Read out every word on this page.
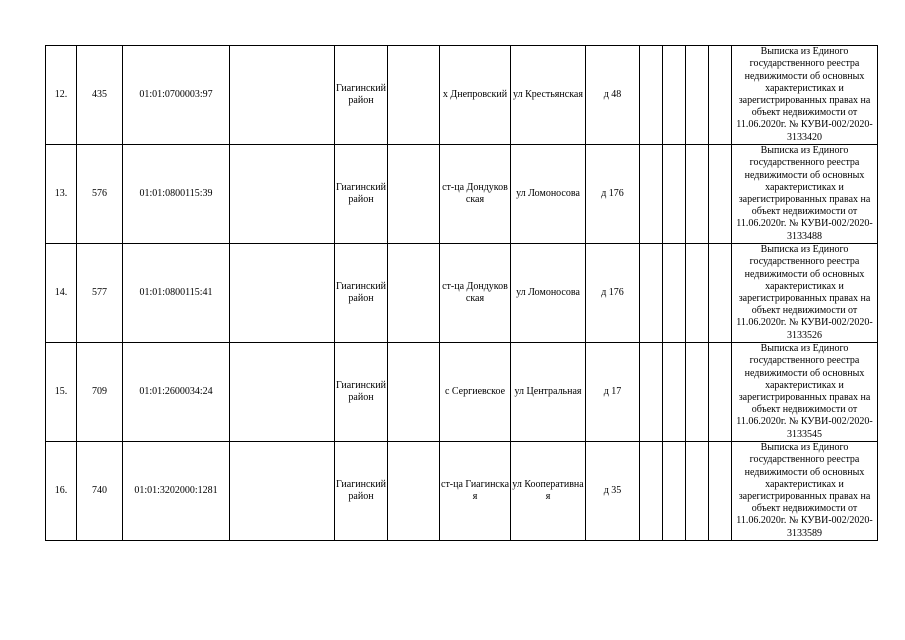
12.	435	01:01:0700003:97		Гиагинский район		х Днепровский	ул Крестьянская	д 48					Выписка из Единого государственного реестра недвижимости об основных характеристиках и зарегистрированных правах на объект недвижимости от 11.06.2020г. № КУВИ-002/2020-3133420
13.	576	01:01:0800115:39		Гиагинский район		ст-ца Дондуковская	ул Ломоносова	д 176					Выписка из Единого государственного реестра недвижимости об основных характеристиках и зарегистрированных правах на объект недвижимости от 11.06.2020г. № КУВИ-002/2020-3133488
14.	577	01:01:0800115:41		Гиагинский район		ст-ца Дондуковская	ул Ломоносова	д 176					Выписка из Единого государственного реестра недвижимости об основных характеристиках и зарегистрированных правах на объект недвижимости от 11.06.2020г. № КУВИ-002/2020-3133526
15.	709	01:01:2600034:24		Гиагинский район		с Сергиевское	ул Центральная	д 17					Выписка из Единого государственного реестра недвижимости об основных характеристиках и зарегистрированных правах на объект недвижимости от 11.06.2020г. № КУВИ-002/2020-3133545
16.	740	01:01:3202000:1281		Гиагинский район		ст-ца Гиагинская	ул Кооперативная	д 35					Выписка из Единого государственного реестра недвижимости об основных характеристиках и зарегистрированных правах на объект недвижимости от 11.06.2020г. № КУВИ-002/2020-3133589
